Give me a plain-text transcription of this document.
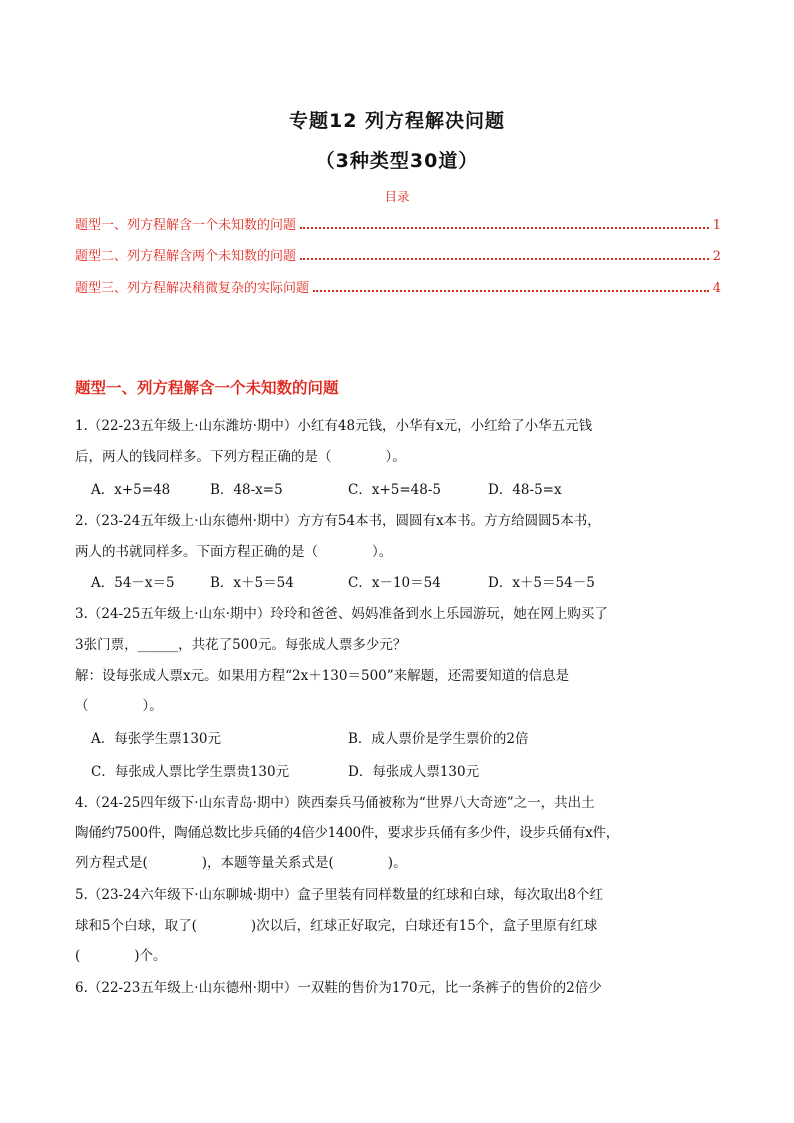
专题12 列方程解决问题
（3种类型30道）
目录
题型一、列方程解含一个未知数的问题	1
题型二、列方程解含两个未知数的问题	2
题型三、列方程解决稍微复杂的实际问题	4
题型一、列方程解含一个未知数的问题
1.（22-23五年级上·山东潍坊·期中）小红有48元钱，小华有x元，小红给了小华五元钱
后，两人的钱同样多。下列方程正确的是（　　　　）。
A．x+5=48	B．48-x=5	C．x+5=48-5	D．48-5=x
2.（23-24五年级上·山东德州·期中）方方有54本书，圆圆有x本书。方方给圆圆5本书，
两人的书就同样多。下面方程正确的是（　　　　）。
A．54－x＝5	B．x＋5＝54	C．x－10＝54	D．x＋5＝54－5
3.（24-25五年级上·山东·期中）玲玲和爸爸、妈妈准备到水上乐园游玩，她在网上购买了
3张门票，______，共花了500元。每张成人票多少元？
解：设每张成人票x元。如果用方程“2x＋130＝500”来解题，还需要知道的信息是
（　　　　）。
A．每张学生票130元	B．成人票价是学生票价的2倍
C．每张成人票比学生票贵130元	D．每张成人票130元
4.（24-25四年级下·山东青岛·期中）陕西秦兵马俑被称为“世界八大奇迹”之一，共出土
陶俑约7500件，陶俑总数比步兵俑的4倍少1400件，要求步兵俑有多少件，设步兵俑有x件，
列方程式是(　　　　)，本题等量关系式是(　　　　)。
5.（23-24六年级下·山东聊城·期中）盒子里装有同样数量的红球和白球，每次取出8个红
球和5个白球，取了(　　　　)次以后，红球正好取完，白球还有15个，盒子里原有红球
(　　　　)个。
6.（22-23五年级上·山东德州·期中）一双鞋的售价为170元，比一条裤子的售价的2倍少
